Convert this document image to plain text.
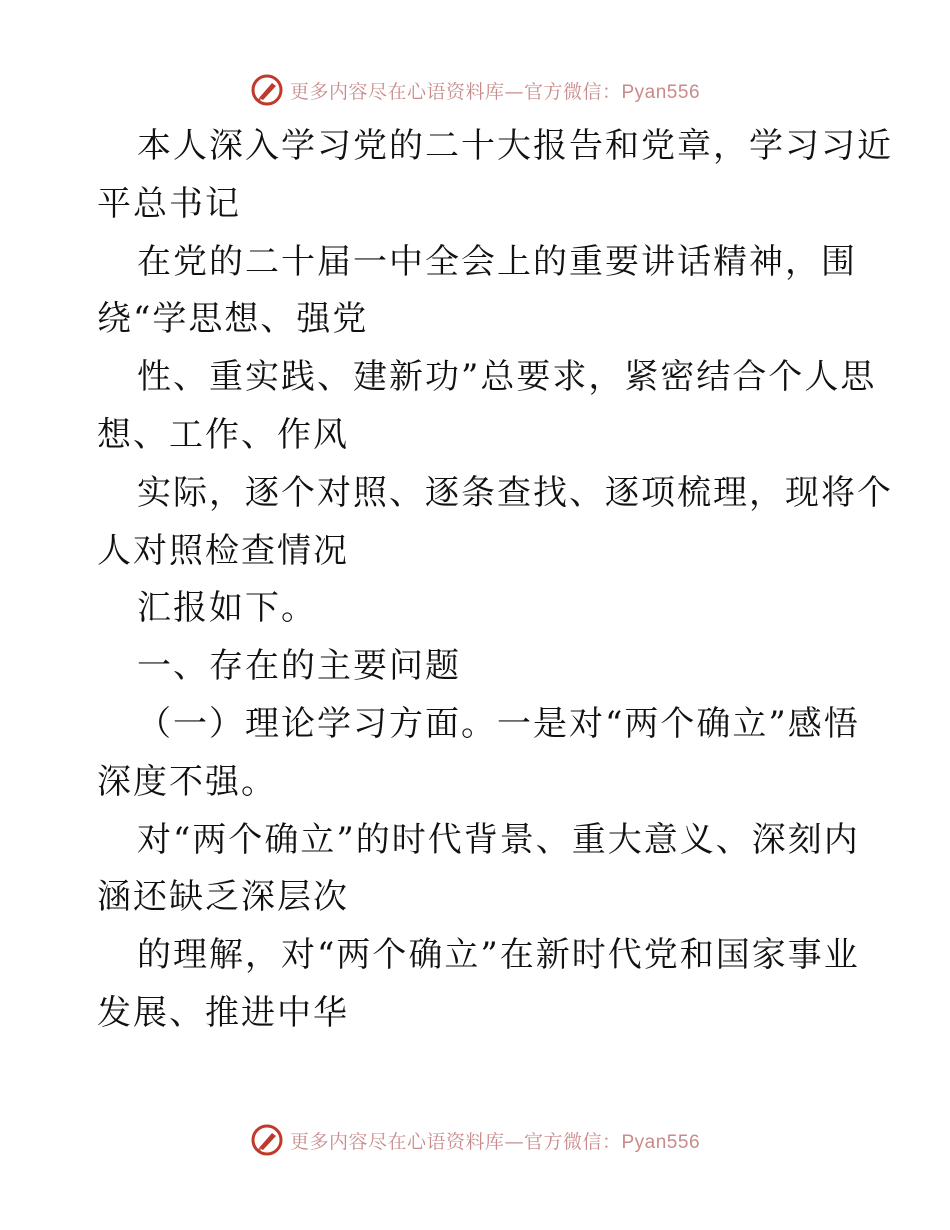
更多内容尽在心语资料库—官方微信：Pyan556
本人深入学习党的二十大报告和党章，学习习近
平总书记
在党的二十届一中全会上的重要讲话精神，围
绕“学思想、强党
性、重实践、建新功”总要求，紧密结合个人思
想、工作、作风
实际，逐个对照、逐条查找、逐项梳理，现将个
人对照检查情况
汇报如下。
一、存在的主要问题
（一）理论学习方面。一是对“两个确立”感悟
深度不强。
对“两个确立”的时代背景、重大意义、深刻内
涵还缺乏深层次
的理解，对“两个确立”在新时代党和国家事业
发展、推进中华
更多内容尽在心语资料库—官方微信：Pyan556
